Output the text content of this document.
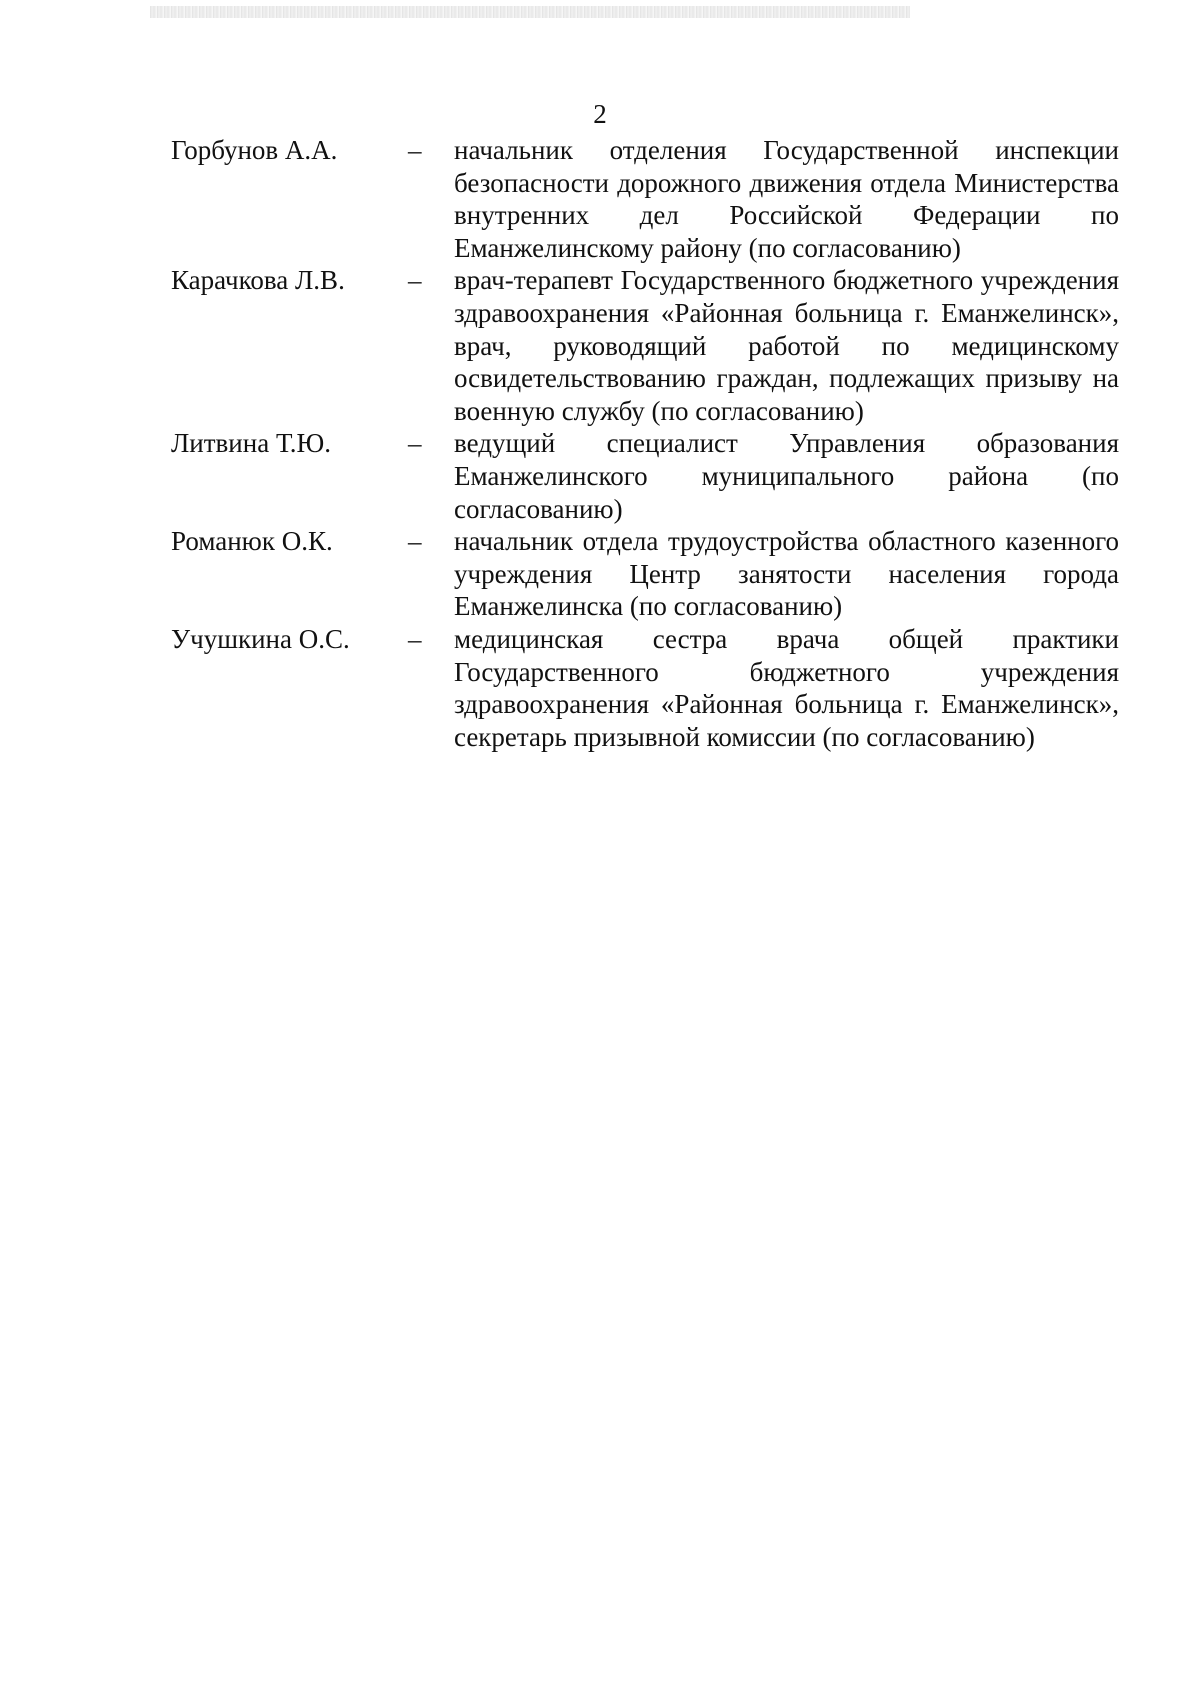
2
Горбунов А.А.	–	начальник отделения Государственной инспекции безопасности дорожного движения отдела Министерства внутренних дел Российской Федерации по Еманжелинскому району (по согласованию)
Карачкова Л.В.	–	врач-терапевт Государственного бюджетного учреждения здравоохранения «Районная больница г. Еманжелинск», врач, руководящий работой по медицинскому освидетельствованию граждан, подлежащих призыву на военную службу (по согласованию)
Литвина Т.Ю.	–	ведущий специалист Управления образования Еманжелинского муниципального района (по согласованию)
Романюк О.К.	–	начальник отдела трудоустройства областного казенного учреждения Центр занятости населения города Еманжелинска (по согласованию)
Учушкина О.С.	–	медицинская сестра врача общей практики Государственного бюджетного учреждения здравоохранения «Районная больница г. Еманжелинск», секретарь призывной комиссии (по согласованию)
